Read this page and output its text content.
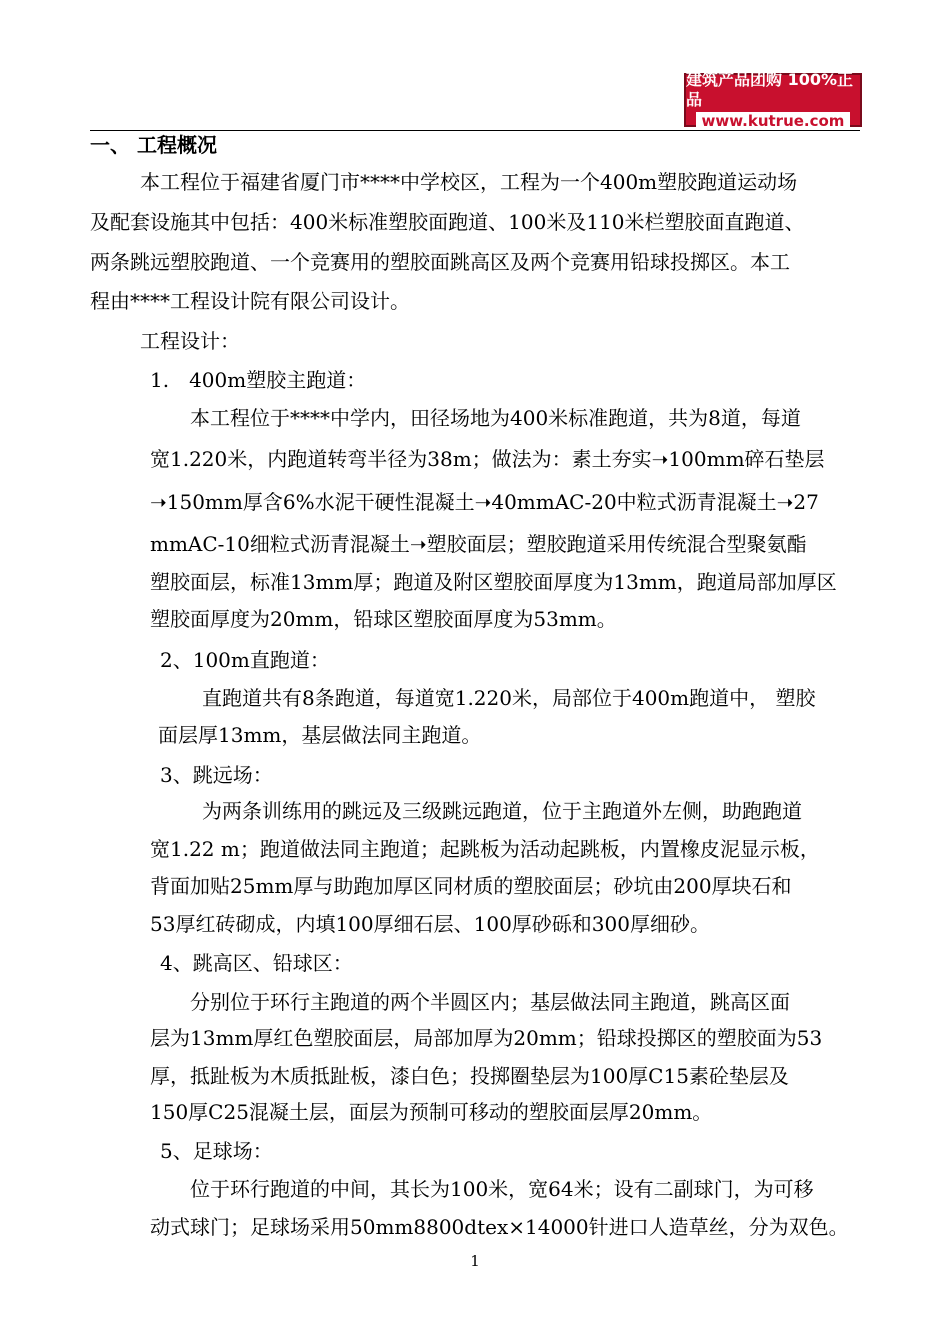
建筑产品团购 100%正品
www.kutrue.com
一、 工程概况
本工程位于福建省厦门市****中学校区，工程为一个400m塑胶跑道运动场
及配套设施其中包括：400米标准塑胶面跑道、100米及110米栏塑胶面直跑道、
两条跳远塑胶跑道、一个竞赛用的塑胶面跳高区及两个竞赛用铅球投掷区。本工
程由****工程设计院有限公司设计。
工程设计：
1.　400m塑胶主跑道：
本工程位于****中学内，田径场地为400米标准跑道，共为8道，每道
宽1.220米，内跑道转弯半径为38m；做法为：素土夯实➝100mm碎石垫层
➝150mm厚含6%水泥干硬性混凝土➝40mmAC-20中粒式沥青混凝土➝27
mmAC-10细粒式沥青混凝土➝塑胶面层；塑胶跑道采用传统混合型聚氨酯
塑胶面层，标准13mm厚；跑道及附区塑胶面厚度为13mm，跑道局部加厚区
塑胶面厚度为20mm，铅球区塑胶面厚度为53mm。
2、100m直跑道：
直跑道共有8条跑道，每道宽1.220米，局部位于400m跑道中， 塑胶
面层厚13mm，基层做法同主跑道。
3、跳远场：
为两条训练用的跳远及三级跳远跑道，位于主跑道外左侧，助跑跑道
宽1.22 m；跑道做法同主跑道；起跳板为活动起跳板，内置橡皮泥显示板，
背面加贴25mm厚与助跑加厚区同材质的塑胶面层；砂坑由200厚块石和
53厚红砖砌成，内填100厚细石层、100厚砂砾和300厚细砂。
4、跳高区、铅球区：
分别位于环行主跑道的两个半圆区内；基层做法同主跑道，跳高区面
层为13mm厚红色塑胶面层，局部加厚为20mm；铅球投掷区的塑胶面为53
厚，抵趾板为木质抵趾板，漆白色；投掷圈垫层为100厚C15素砼垫层及
150厚C25混凝土层，面层为预制可移动的塑胶面层厚20mm。
5、足球场：
位于环行跑道的中间，其长为100米，宽64米；设有二副球门，为可移
动式球门；足球场采用50mm8800dtex×14000针进口人造草丝，分为双色。
1
